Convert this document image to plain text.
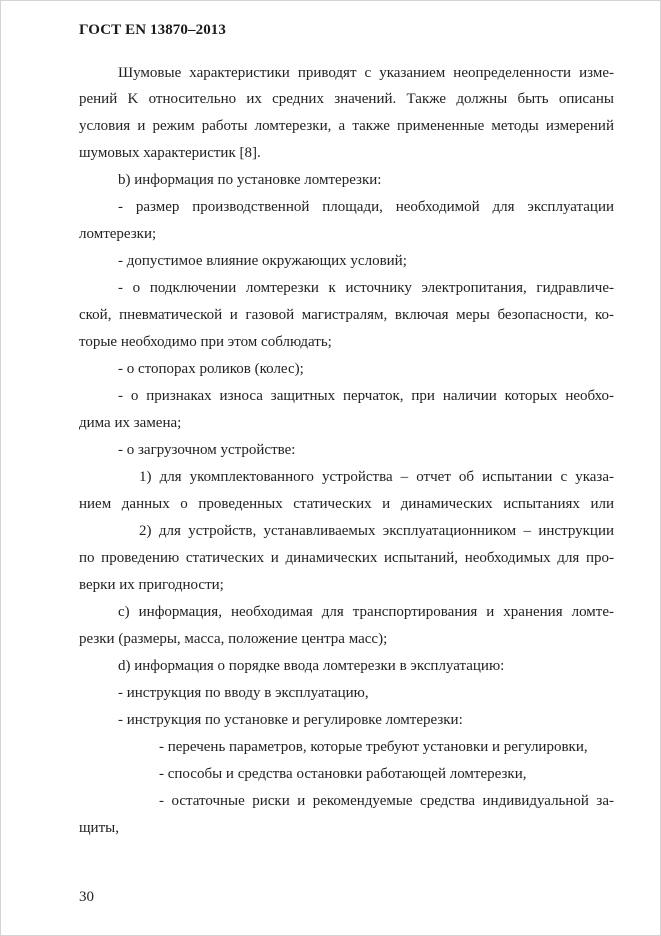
ГОСТ EN 13870–2013
Шумовые характеристики приводят с указанием неопределенности изме-
рений K относительно их средних значений. Также должны быть описаны
условия и режим работы ломтерезки, а также примененные методы измерений
шумовых характеристик [8].
b) информация по установке ломтерезки:
- размер производственной площади, необходимой для эксплуатации
ломтерезки;
- допустимое влияние окружающих условий;
- о подключении ломтерезки к источнику электропитания, гидравличе-
ской, пневматической и газовой магистралям, включая меры безопасности, ко-
торые необходимо при этом соблюдать;
- о стопорах роликов (колес);
- о признаках износа защитных перчаток, при наличии которых необхо-
дима их замена;
- о загрузочном устройстве:
1) для укомплектованного устройства – отчет об испытании с указа-
нием данных о проведенных статических и динамических испытаниях или
2) для устройств, устанавливаемых эксплуатационником – инструкции
по проведению статических и динамических испытаний, необходимых для про-
верки их пригодности;
c) информация, необходимая для транспортирования и хранения ломте-
резки (размеры, масса, положение центра масс);
d) информация о порядке ввода ломтерезки в эксплуатацию:
- инструкция по вводу в эксплуатацию,
- инструкция по установке и регулировке ломтерезки:
- перечень параметров, которые требуют установки и регулировки,
- способы и средства остановки работающей ломтерезки,
- остаточные риски и рекомендуемые средства индивидуальной за-
щиты,
30
